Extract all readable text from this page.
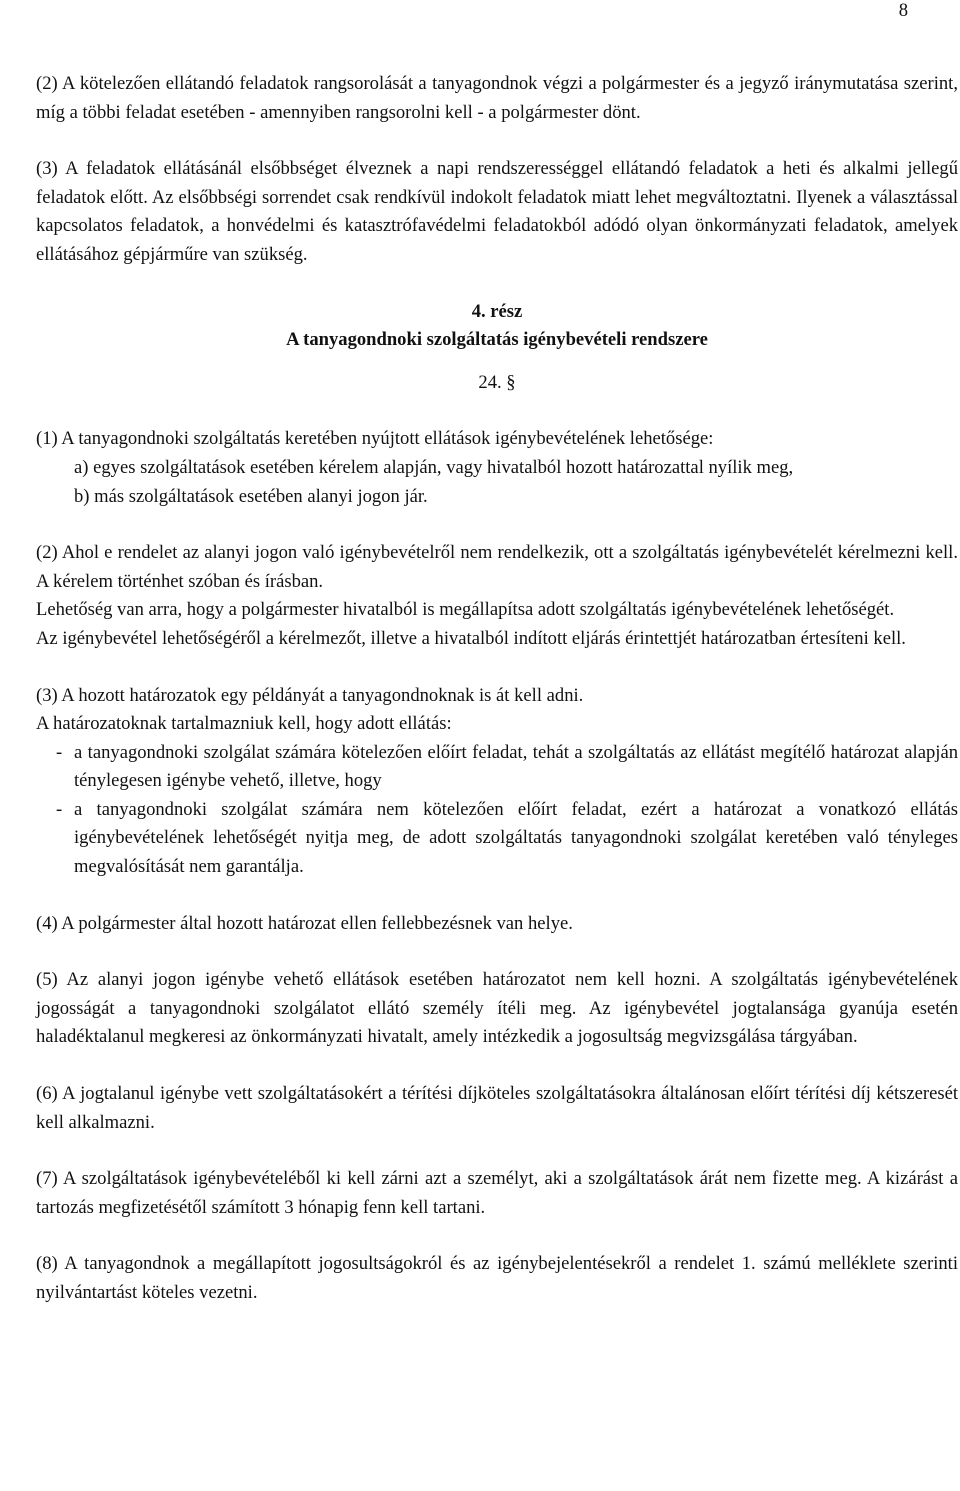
8

(2) A kötelezően ellátandó feladatok rangsorolását a tanyagondnok végzi a polgármester és a jegyző iránymutatása szerint, míg a többi feladat esetében - amennyiben rangsorolni kell - a polgármester dönt.

(3) A feladatok ellátásánál elsőbbséget élveznek a napi rendszerességgel ellátandó feladatok a heti és alkalmi jellegű feladatok előtt. Az elsőbbségi sorrendet csak rendkívül indokolt feladatok miatt lehet megváltoztatni. Ilyenek a választással kapcsolatos feladatok, a honvédelmi és katasztrófavédelmi feladatokból adódó olyan önkormányzati feladatok, amelyek ellátásához gépjárműre van szükség.

4. rész

A tanyagondnoki szolgáltatás igénybevételi rendszere

24. §

(1) A tanyagondnoki szolgáltatás keretében nyújtott ellátások igénybevételének lehetősége:

a) egyes szolgáltatások esetében kérelem alapján, vagy hivatalból hozott határozattal nyílik meg,

b) más szolgáltatások esetében alanyi jogon jár.

(2) Ahol e rendelet az alanyi jogon való igénybevételről nem rendelkezik, ott a szolgáltatás igénybevételét kérelmezni kell. A kérelem történhet szóban és írásban.

Lehetőség van arra, hogy a polgármester hivatalból is megállapítsa adott szolgáltatás igénybevételének lehetőségét.

Az igénybevétel lehetőségéről a kérelmezőt, illetve a hivatalból indított eljárás érintettjét határozatban értesíteni kell.

(3) A hozott határozatok egy példányát a tanyagondnoknak is át kell adni.

A határozatoknak tartalmazniuk kell, hogy adott ellátás:

- a tanyagondnoki szolgálat számára kötelezően előírt feladat, tehát a szolgáltatás az ellátást megítélő határozat alapján ténylegesen igénybe vehető, illetve, hogy
- a tanyagondnoki szolgálat számára nem kötelezően előírt feladat, ezért a határozat a vonatkozó ellátás igénybevételének lehetőségét nyitja meg, de adott szolgáltatás tanyagondnoki szolgálat keretében való tényleges megvalósítását nem garantálja.

(4) A polgármester által hozott határozat ellen fellebbezésnek van helye.

(5) Az alanyi jogon igénybe vehető ellátások esetében határozatot nem kell hozni. A szolgáltatás igénybevételének jogosságát a tanyagondnoki szolgálatot ellátó személy ítéli meg. Az igénybevétel jogtalansága gyanúja esetén haladéktalanul megkeresi az önkormányzati hivatalt, amely intézkedik a jogosultság megvizsgálása tárgyában.

(6) A jogtalanul igénybe vett szolgáltatásokért a térítési díjköteles szolgáltatásokra általánosan előírt térítési díj kétszeresét kell alkalmazni.

(7) A szolgáltatások igénybevételéből ki kell zárni azt a személyt, aki a szolgáltatások árát nem fizette meg. A kizárást a tartozás megfizetésétől számított 3 hónapig fenn kell tartani.

(8) A tanyagondnok a megállapított jogosultságokról és az igénybejelentésekről a rendelet 1. számú melléklete szerinti nyilvántartást köteles vezetni.
